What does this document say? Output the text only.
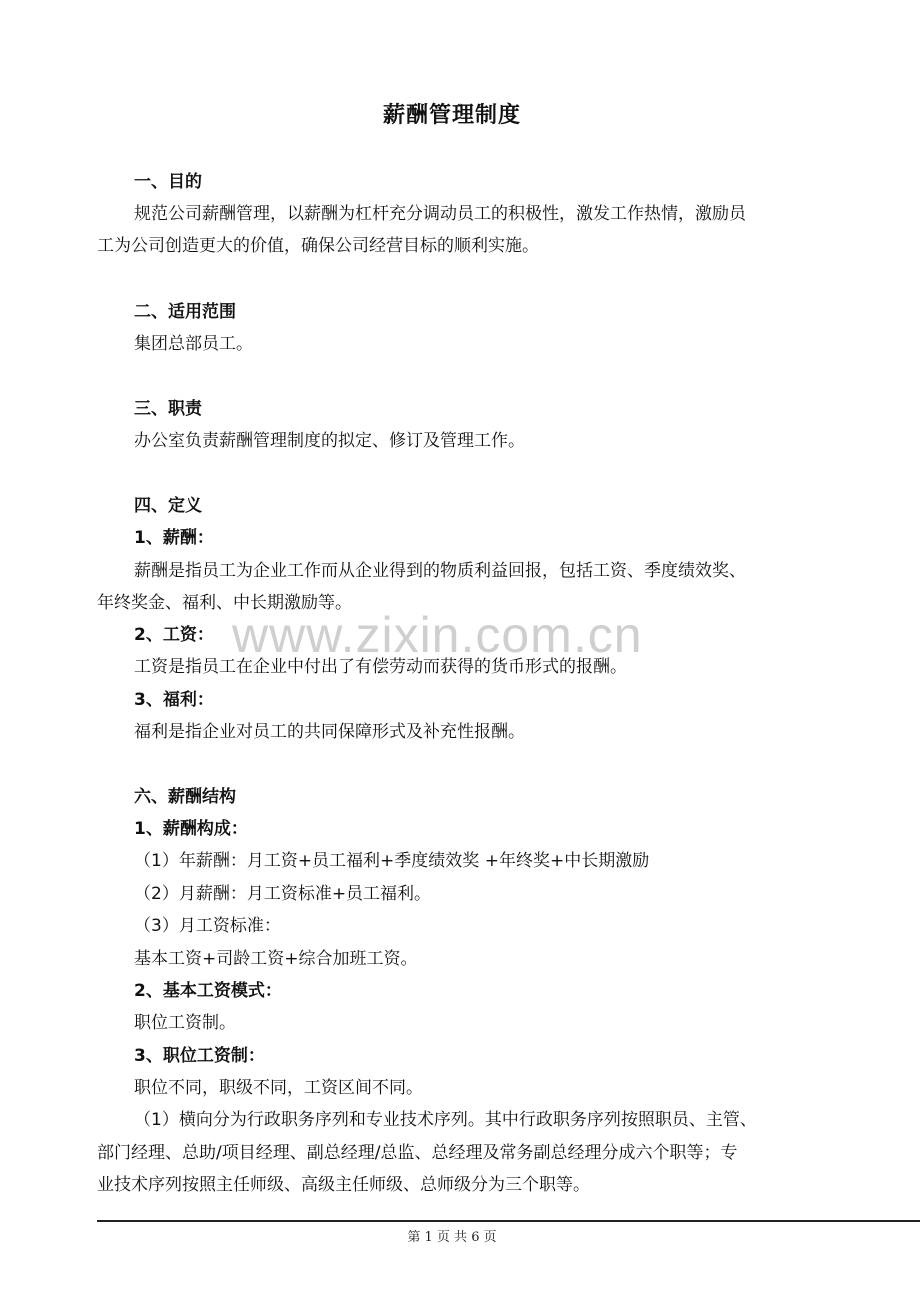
薪酬管理制度
一、目的
规范公司薪酬管理，以薪酬为杠杆充分调动员工的积极性，激发工作热情，激励员
工为公司创造更大的价值，确保公司经营目标的顺利实施。
二、适用范围
集团总部员工。
三、职责
办公室负责薪酬管理制度的拟定、修订及管理工作。
四、定义
1、薪酬：
薪酬是指员工为企业工作而从企业得到的物质利益回报，包括工资、季度绩效奖、
年终奖金、福利、中长期激励等。
2、工资：
工资是指员工在企业中付出了有偿劳动而获得的货币形式的报酬。
3、福利：
福利是指企业对员工的共同保障形式及补充性报酬。
六、薪酬结构
1、薪酬构成：
（1）年薪酬：月工资+员工福利+季度绩效奖 +年终奖+中长期激励
（2）月薪酬：月工资标准+员工福利。
（3）月工资标准：
基本工资+司龄工资+综合加班工资。
2、基本工资模式：
职位工资制。
3、职位工资制：
职位不同，职级不同，工资区间不同。
（1）横向分为行政职务序列和专业技术序列。其中行政职务序列按照职员、主管、
部门经理、总助/项目经理、副总经理/总监、总经理及常务副总经理分成六个职等；专
业技术序列按照主任师级、高级主任师级、总师级分为三个职等。
www.zixin.com.cn
第 1 页 共 6 页
